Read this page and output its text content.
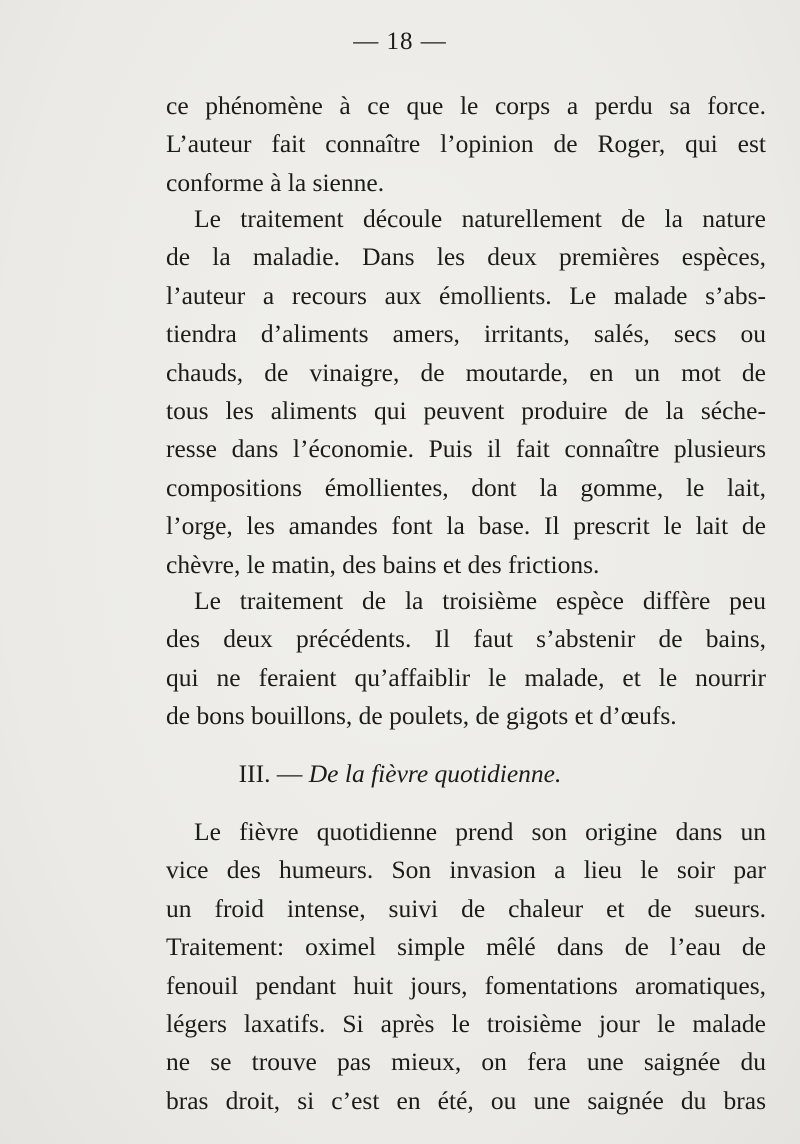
— 18 —
ce phénomène à ce que le corps a perdu sa force.
L’auteur fait connaître l’opinion de Roger, qui est
conforme à la sienne.
Le traitement découle naturellement de la nature
de la maladie. Dans les deux premières espèces,
l’auteur a recours aux émollients. Le malade s’abs-
tiendra d’aliments amers, irritants, salés, secs ou
chauds, de vinaigre, de moutarde, en un mot de
tous les aliments qui peuvent produire de la séche-
resse dans l’économie. Puis il fait connaître plusieurs
compositions émollientes, dont la gomme, le lait,
l’orge, les amandes font la base. Il prescrit le lait de
chèvre, le matin, des bains et des frictions.
Le traitement de la troisième espèce diffère peu
des deux précédents. Il faut s’abstenir de bains,
qui ne feraient qu’affaiblir le malade, et le nourrir
de bons bouillons, de poulets, de gigots et d’œufs.
III. — De la fièvre quotidienne.
Le fièvre quotidienne prend son origine dans un
vice des humeurs. Son invasion a lieu le soir par
un froid intense, suivi de chaleur et de sueurs.
Traitement: oximel simple mêlé dans de l’eau de
fenouil pendant huit jours, fomentations aromatiques,
légers laxatifs. Si après le troisième jour le malade
ne se trouve pas mieux, on fera une saignée du
bras droit, si c’est en été, ou une saignée du bras
